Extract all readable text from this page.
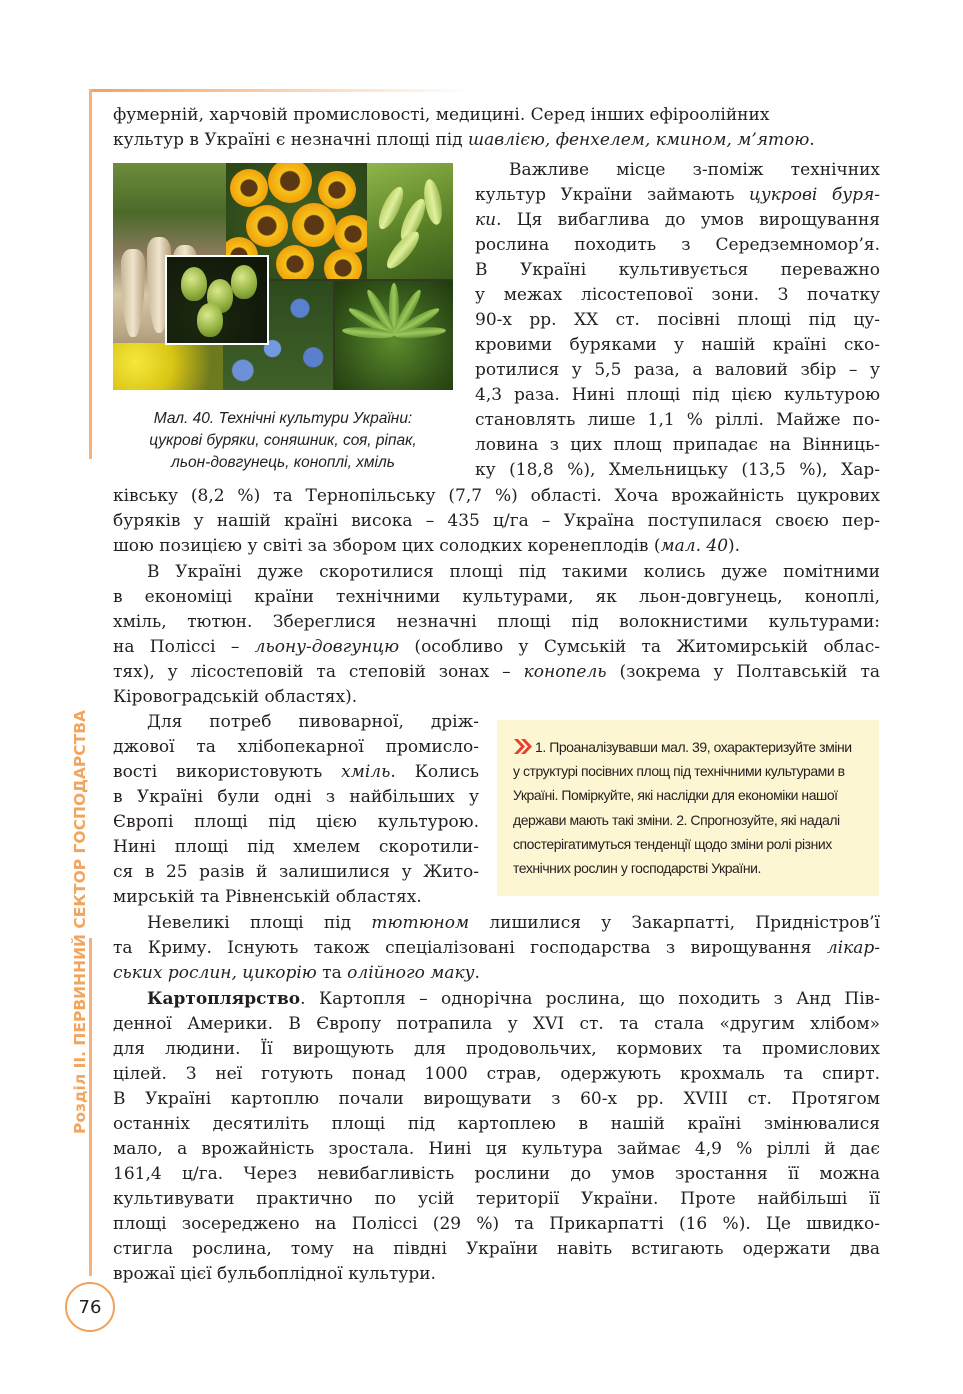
Розділ II. ПЕРВИННИЙ СЕКТОР ГОСПОДАРСТВА
76
фумерній, харчовій промисловості, медицині. Серед інших ефіроолійних
культур в Україні є незначні площі під шавлією, фенхелем, кмином, м’ятою.
Мал. 40. Технічні культури України:
цукрові буряки, соняшник, соя, ріпак,
льон-довгунець, коноплі, хміль
Важливе місце з-поміж технічних
культур України займають цукрові буря-
ки. Ця вибаглива до умов вирощування
рослина походить з Середземномор’я.
В Україні культивується переважно
у межах лісостепової зони. З початку
90-х рр. XX ст. посівні площі під цу-
кровими буряками у нашій країні ско-
ротилися у 5,5 раза, а валовий збір – у
4,3 раза. Нині площі під цією культурою
становлять лише 1,1 % ріллі. Майже по-
ловина з цих площ припадає на Вінниць-
ку (18,8 %), Хмельницьку (13,5 %), Хар-
ківську (8,2 %) та Тернопільську (7,7 %) області. Хоча врожайність цукрових
буряків у нашій країні висока – 435 ц/га – Україна поступилася своєю пер-
шою позицією у світі за збором цих солодких коренеплодів (мал. 40).
В Україні дуже скоротилися площі під такими колись дуже помітними
в економіці країни технічними культурами, як льон-довгунець, коноплі,
хміль, тютюн. Збереглися незначні площі під волокнистими культурами:
на Поліссі – льону-довгунцю (особливо у Сумській та Житомирській облас-
тях), у лісостеповій та степовій зонах – конопель (зокрема у Полтавській та
Кіровоградській областях).
Для потреб пивоварної, дріж-
джової та хлібопекарної промисло-
вості використовують хміль. Колись
в Україні були одні з найбільших у
Європі площі під цією культурою.
Нині площі під хмелем скоротили-
ся в 25 разів й залишилися у Жито-
мирській та Рівненській областях.
1. Проаналізувавши мал. 39, охарактеризуйте зміни
у структурі посівних площ під технічними культурами в
Україні. Поміркуйте, які наслідки для економіки нашої
держави мають такі зміни. 2. Спрогнозуйте, які надалі
спостерігатимуться тенденції щодо зміни ролі різних
технічних рослин у господарстві України.
Невеликі площі під тютюном лишилися у Закарпатті, Придністров’ї
та Криму. Існують також спеціалізовані господарства з вирощування лікар-
ських рослин, цикорію та олійного маку.
Картоплярство. Картопля – однорічна рослина, що походить з Анд Пів-
денної Америки. В Європу потрапила у XVI ст. та стала «другим хлібом»
для людини. Її вирощують для продовольчих, кормових та промислових
цілей. З неї готують понад 1000 страв, одержують крохмаль та спирт.
В Україні картоплю почали вирощувати з 60-х рр. XVIII ст. Протягом
останніх десятиліть площі під картоплею в нашій країні змінювалися
мало, а врожайність зростала. Нині ця культура займає 4,9 % ріллі й дає
161,4 ц/га. Через невибагливість рослини до умов зростання її можна
культивувати практично по усій території України. Проте найбільші її
площі зосереджено на Поліссі (29 %) та Прикарпатті (16 %). Це швидко-
стигла рослина, тому на півдні України навіть встигають одержати два
врожаї цієї бульбоплідної культури.
